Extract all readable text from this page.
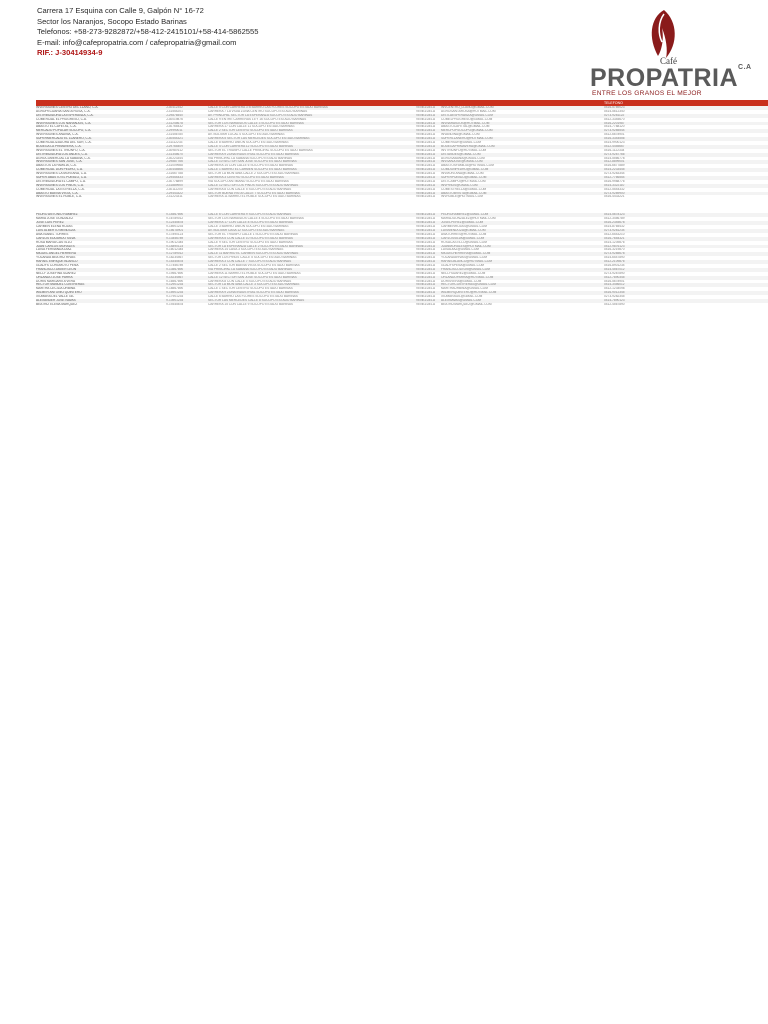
Carrera 17 Esquina con Calle 9, Galpón N° 16-72
Sector los Naranjos, Socopo Estado Barinas
Telefonos: +58-273-9282872/+58-412-2415101/+58-414-5862555
E-mail: info@cafepropatria.com / cafepropatria@gmail.com
RIF.: J-30414934-9
Café
$PROPATRIA^{C.A}$
ENTRE LOS GRANOS EL MEJOR
TELEFONO
INVERSIONES CENTRO DEL LLANO, C.A.	J-30412342	CALLE 5 CON CARRERA 3 B BARRIO LAS FLORES SOCOPO ESTADO BARINAS	VENEZUELA	INVCENTRO_LLANO@GMAIL.COM	0416-5789023
AGROPECUARIA SANTA ROSA, C.A.	J-31554201	CARRERA 7 LA VIGIA ZONA CENTRO SOCOPO ESTADO BARINAS	VENEZUELA	AGROSANTAROSA@HOTMAIL.COM	0414-5612340
DISTRIBUIDORA LA ESPERANZA, C.A.	J-29876540	AV. PRINCIPAL SECTOR LA ESPERANZA SOCOPO ESTADO BARINAS	VENEZUELA	DISTLAESPERANZA@GMAIL.COM	0273-9281122
COMERCIAL EL PROGRESO, C.A.	J-30019876	CALLE 9 ENTRE CARRERAS 15 Y 16 SOCOPO ESTADO BARINAS	VENEZUELA	COMELPROGRESO@GMAIL.COM	0412-3345670
INVERSIONES LOS NARANJOS, C.A.	J-31245678	SECTOR LOS NARANJOS CALLE 3 SOCOPO ESTADO BARINAS	VENEZUELA	INVNARANJOS@HOTMAIL.COM	0416-2201987
ABASTO EL CAFETAL, C.A.	J-30765432	CARRERA 17 CON CALLE 11 SOCOPO ESTADO BARINAS	VENEZUELA	ABASTOCAFETAL@GMAIL.COM	0414-7788120
MERCADO POPULAR SOCOPO, C.A.	J-29990011	CALLE 2 SECTOR CENTRO SOCOPO ESTADO BARINAS	VENEZUELA	MERCPOPSOCOPO@GMAIL.COM	0273-9285544
INVERSIONES ANDINA, C.A.	J-31456780	AV. BOLIVAR LOCAL 4 SOCOPO ESTADO BARINAS	VENEZUELA	INVANDINA@GMAIL.COM	0412-6678901
SUPERMERCADO EL LLANERO, C.A.	J-30554321	CARRERA 5 SECTOR LAS MERCEDES SOCOPO ESTADO BARINAS	VENEZUELA	SUPERLLANERO@HOTMAIL.COM	0416-3344556
COMERCIALIZADORA DEL SUR, C.A.	J-31112233	CALLE 8 BARRIO UNION SOCOPO ESTADO BARINAS	VENEZUELA	COMERSUR@GMAIL.COM	0414-9900123
BODEGA LA PRIMAVERA, C.A.	J-29765409	CALLE 4 CON CARRERA 12 SOCOPO ESTADO BARINAS	VENEZUELA	BODEGAPRIMAVERA@GMAIL.COM	0412-4455667
INVERSIONES EL TRIUNFO, C.A.	J-30987612	SECTOR EL TRIUNFO CALLE PRINCIPAL SOCOPO ESTADO BARINAS	VENEZUELA	INVTRIUNFO@HOTMAIL.COM	0416-1122334
DISTRIBUIDORA LOS ANDES, C.A.	J-31345670	CARRERA 9 ZONA INDUSTRIAL SOCOPO ESTADO BARINAS	VENEZUELA	DISTANDES@GMAIL.COM	0273-9287766
AGROCOMERCIAL LA SABANA, C.A.	J-30223344	VIA PRINCIPAL LA SABANA SOCOPO ESTADO BARINAS	VENEZUELA	AGROSABANA@GMAIL.COM	0414-5566778
INVERSIONES SAN JOSE, C.A.	J-29887766	CALLE 10 SECTOR SAN JOSE SOCOPO ESTADO BARINAS	VENEZUELA	INVSANJOSE@GMAIL.COM	0412-8899001
ABASTOS LA FAMILIA, C.A.	J-31009988	CARRERA 14 CON CALLE 6 SOCOPO ESTADO BARINAS	VENEZUELA	ABASTOSFAMILIA@HOTMAIL.COM	0416-6677889
COMERCIAL DON PEDRO, C.A.	J-30445566	CALLE 1 BARRIO EL CARMEN SOCOPO ESTADO BARINAS	VENEZUELA	COMDONPEDRO@GMAIL.COM	0414-2233445
INVERSIONES LA MONTAÑA, C.A.	J-31667788	SECTOR LA MONTAÑA CALLE 2 SOCOPO ESTADO BARINAS	VENEZUELA	INVMONTANA@GMAIL.COM	0273-9283344
SUPER ABASTO EL PUEBLO, C.A.	J-29554433	CARRERA 3 CENTRO SOCOPO ESTADO BARINAS	VENEZUELA	SUPERPUEBLO@GMAIL.COM	0412-7766554
DISTRIBUIDORA EL CAMPO, C.A.	J-30778899	VIA SOCOPO ANTIMANO SOCOPO ESTADO BARINAS	VENEZUELA	DISTCAMPO@HOTMAIL.COM	0416-9988776
INVERSIONES LOS PINOS, C.A.	J-31889900	CALLE 12 SECTOR LOS PINOS SOCOPO ESTADO BARINAS	VENEZUELA	INVPINOS@GMAIL.COM	0414-3322110
COMERCIAL LA ESTRELLA, C.A.	J-30112200	CARRERA 8 CON CALLE 5 SOCOPO ESTADO BARINAS	VENEZUELA	COMESTRELLA@GMAIL.COM	0412-5544332
ABASTO BUENA VISTA, C.A.	J-29443322	SECTOR BUENA VISTA CALLE 7 SOCOPO ESTADO BARINAS	VENEZUELA	ABASTOBVISTA@GMAIL.COM	0273-9289900
INVERSIONES EL ROBLE, C.A.	J-31223311	CARRERA 11 BARRIO EL ROBLE SOCOPO ESTADO BARINAS	VENEZUELA	INVROBLE@HOTMAIL.COM	0416-4433221
PEDRO ANTONIO RAMIREZ	V-14567890	CALLE 6 CON CARRERA 9 SOCOPO ESTADO BARINAS	VENEZUELA	PEDRORAMIREZ@GMAIL.COM	0414-5678123
MARIA JOSE GONZALEZ	V-16789012	SECTOR LOS NARANJOS CALLE 4 SOCOPO ESTADO BARINAS	VENEZUELA	MARIAJGONZALEZ@HOTMAIL.COM	0412-3456789
JOSE LUIS PEREZ	V-12345678	CARRERA 17 CON CALLE 8 SOCOPO ESTADO BARINAS	VENEZUELA	JOSELPEREZ@GMAIL.COM	0416-2345678
CARMEN ELENA ROJAS	V-18901234	CALLE 3 BARRIO UNION SOCOPO ESTADO BARINAS	VENEZUELA	CARMENROJAS@GMAIL.COM	0414-8765432
LUIS ALBERTO MENDOZA	V-15678901	AV. BOLIVAR CASA 12 SOCOPO ESTADO BARINAS	VENEZUELA	LUISMENDOZA@GMAIL.COM	0273-9281234
ANA ISABEL TORRES	V-17890123	SECTOR EL TRIUNFO CALLE 1 SOCOPO ESTADO BARINAS	VENEZUELA	ANATORRES@HOTMAIL.COM	0412-6543210
CARLOS EDUARDO SILVA	V-13456789	CARRERA 5 CON CALLE 10 SOCOPO ESTADO BARINAS	VENEZUELA	CARLOSSILVA@GMAIL.COM	0416-7654321
ROSA MARIA CASTILLO	V-19012345	CALLE 9 SECTOR CENTRO SOCOPO ESTADO BARINAS	VENEZUELA	ROSACASTILLO@GMAIL.COM	0414-1239876
JUAN CARLOS MORALES	V-14890123	SECTOR LA ESPERANZA CALLE 2 SOCOPO ESTADO BARINAS	VENEZUELA	JUANMORALES@HOTMAIL.COM	0412-9876123
LUISA FERNANDA DIAZ	V-16012345	CARRERA 14 CASA 3 SOCOPO ESTADO BARINAS	VENEZUELA	LUISADIAZ@GMAIL.COM	0416-3219870
MIGUEL ANGEL HERRERA	V-12789012	CALLE 11 BARRIO EL CARMEN SOCOPO ESTADO BARINAS	VENEZUELA	MIGUELHERRERA@GMAIL.COM	0273-9285678
YOLANDA BEATRIZ RIVAS	V-18234567	SECTOR LOS PINOS CALLE 5 SOCOPO ESTADO BARINAS	VENEZUELA	YOLANDARIVAS@GMAIL.COM	0414-6547890
RAFAEL ENRIQUE BLANCO	V-15345678	CARRERA 3 CON CALLE 7 SOCOPO ESTADO BARINAS	VENEZUELA	RAFAELBLANCO@HOTMAIL.COM	0412-2109876
GLADYS COROMOTO PEÑA	V-17456789	CALLE 2 SECTOR BUENA VISTA SOCOPO ESTADO BARINAS	VENEZUELA	GLADYSPENA@GMAIL.COM	0416-8901234
FRANCISCO JAVIER LEON	V-13567890	VIA PRINCIPAL LA SABANA SOCOPO ESTADO BARINAS	VENEZUELA	FRANCISCOLEON@GMAIL.COM	0414-4567012
NELLY JOSEFINA SUAREZ	V-19567890	CARRERA 11 BARRIO EL ROBLE SOCOPO ESTADO BARINAS	VENEZUELA	NELLYSUAREZ@GMAIL.COM	0273-9287890
ORLANDO JOSE PARRA	V-14234567	CALLE 12 SECTOR SAN JOSE SOCOPO ESTADO BARINAS	VENEZUELA	ORLANDOPARRA@HOTMAIL.COM	0412-7890345
DORIS MARGARITA VERA	V-16567890	CARRERA 8 CON CALLE 4 SOCOPO ESTADO BARINAS	VENEZUELA	DORISVERA@GMAIL.COM	0416-5678901
HECTOR MANUEL CONTRERAS	V-12901234	SECTOR LA MONTAÑA CALLE 3 SOCOPO ESTADO BARINAS	VENEZUELA	HECTORCONTRERAS@GMAIL.COM	0414-3456012
MARTHA CECILIA URBINA	V-18567890	CALLE 1 SECTOR CENTRO SOCOPO ESTADO BARINAS	VENEZUELA	MARTHAURBINA@GMAIL.COM	0412-1234098
WILMER ANTONIO QUINTERO	V-15901234	CARRERA 9 ZONA INDUSTRIAL SOCOPO ESTADO BARINAS	VENEZUELA	WILMERQUINTERO@HOTMAIL.COM	0416-9012345
XIOMARA DEL VALLE GIL	V-17901234	CALLE 6 BARRIO LAS FLORES SOCOPO ESTADO BARINAS	VENEZUELA	XIOMARAGIL@GMAIL.COM	0273-9282345
ALEXANDER JOSE NAVAS	V-13901234	SECTOR LAS MERCEDES CALLE 8 SOCOPO ESTADO BARINAS	VENEZUELA	ALEXNAVAS@GMAIL.COM	0414-7890123
BEATRIZ ELENA MARQUEZ	V-19345678	CARRERA 15 CON CALLE 9 SOCOPO ESTADO BARINAS	VENEZUELA	BEATRIZMARQUEZ@GMAIL.COM	0412-4567890
